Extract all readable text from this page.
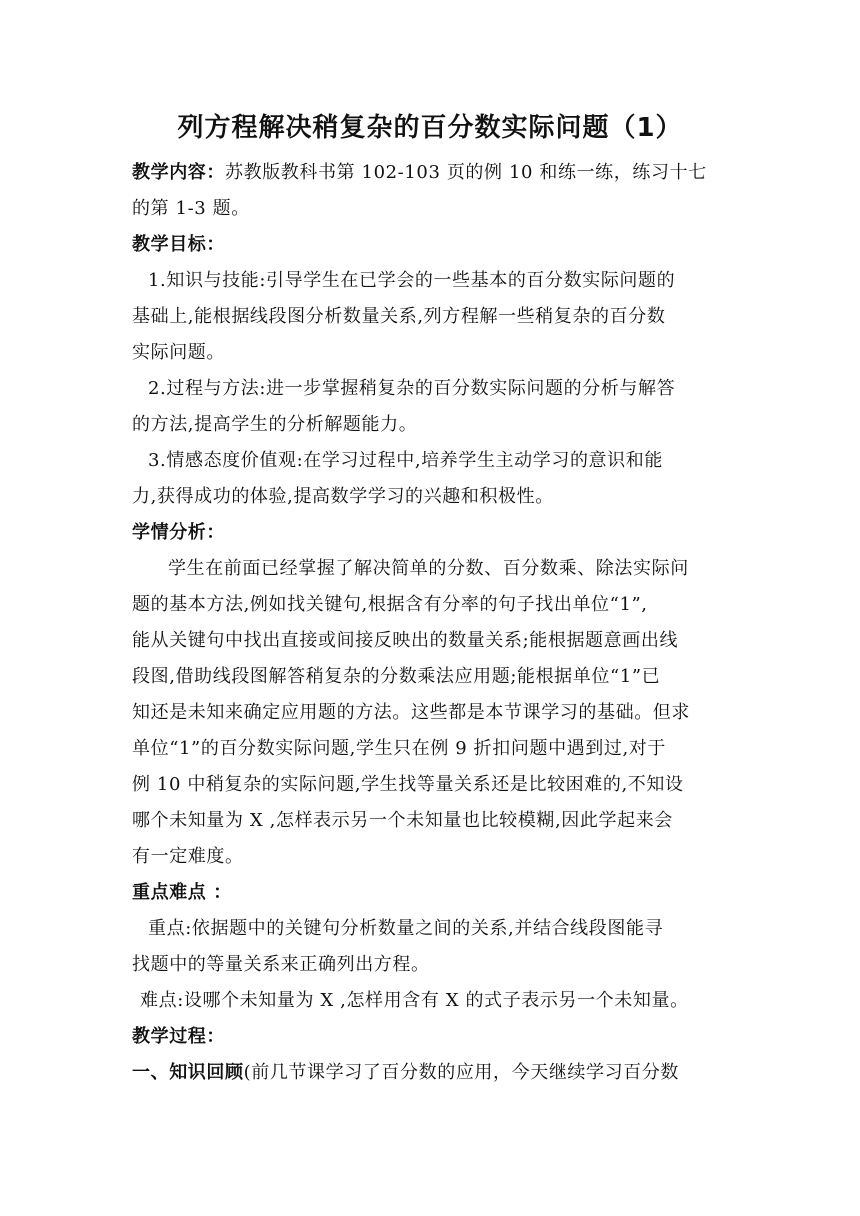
列方程解决稍复杂的百分数实际问题（1）
教学内容：苏教版教科书第 102-103 页的例 10 和练一练，练习十七
的第 1-3 题。
教学目标：
1.知识与技能:引导学生在已学会的一些基本的百分数实际问题的
基础上,能根据线段图分析数量关系,列方程解一些稍复杂的百分数
实际问题。
2.过程与方法:进一步掌握稍复杂的百分数实际问题的分析与解答
的方法,提高学生的分析解题能力。
3.情感态度价值观:在学习过程中,培养学生主动学习的意识和能
力,获得成功的体验,提高数学学习的兴趣和积极性。
学情分析：
学生在前面已经掌握了解决简单的分数、百分数乘、除法实际问
题的基本方法,例如找关键句,根据含有分率的句子找出单位“1”,
能从关键句中找出直接或间接反映出的数量关系;能根据题意画出线
段图,借助线段图解答稍复杂的分数乘法应用题;能根据单位“1”已
知还是未知来确定应用题的方法。这些都是本节课学习的基础。但求
单位“1”的百分数实际问题,学生只在例 9 折扣问题中遇到过,对于
例 10 中稍复杂的实际问题,学生找等量关系还是比较困难的,不知设
哪个未知量为 X ,怎样表示另一个未知量也比较模糊,因此学起来会
有一定难度。
重点难点 ：
重点:依据题中的关键句分析数量之间的关系,并结合线段图能寻
找题中的等量关系来正确列出方程。
难点:设哪个未知量为 X ,怎样用含有 X 的式子表示另一个未知量。
教学过程：
一、知识回顾(前几节课学习了百分数的应用，今天继续学习百分数
